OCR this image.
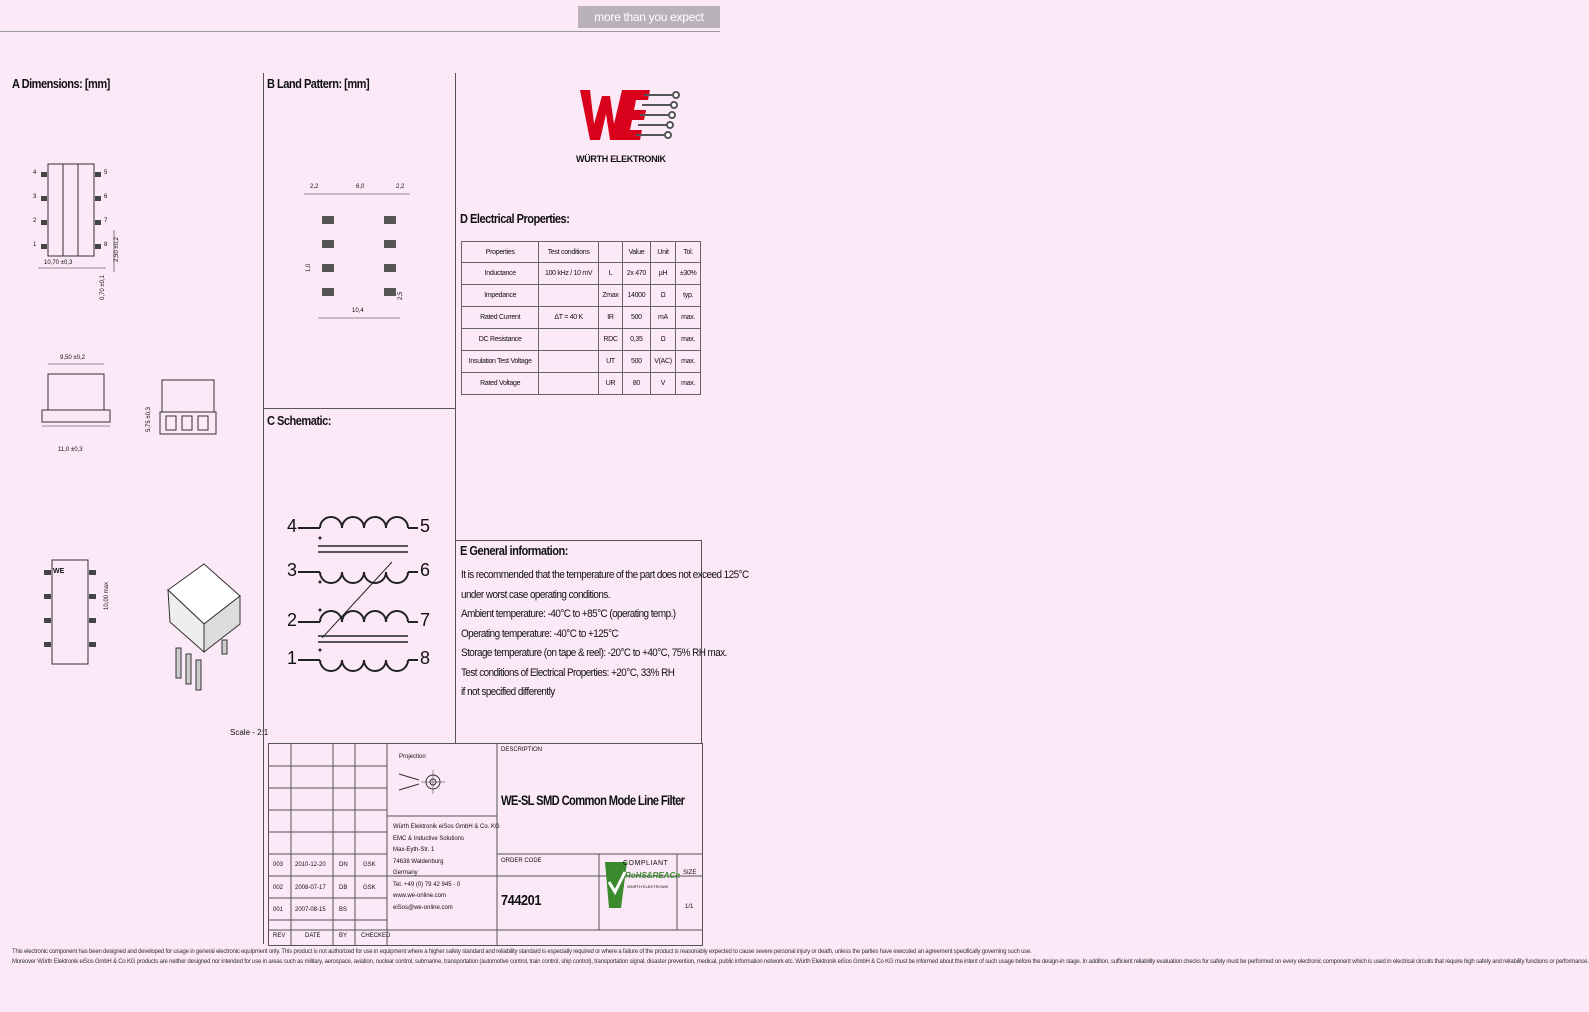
more than you expect
A Dimensions: [mm]	B Land Pattern: [mm]
C Schematic:
D Electrical Properties:
E General information:
WÜRTH ELEKTRONIK
4
3
2
1
5
6
7
8
10,70 ±0,3
0,70 ±0,1
2,50 ±0,2
9,50 ±0,2
11,0 ±0,3
5,75 ±0,3
WE
10,00 max
Scale - 2:1
2,2	6,0	2,2
1,0
2,5
10,4
4
3
2
1
5
6
7
8
Properties	Test conditions		Value	Unit	Tol.
Inductance	100 kHz / 10 mV	L	2x 470	µH	±30%
Impedance		Zmax	14000	Ω	typ.
Rated Current	ΔT = 40 K	IR	500	mA	max.
DC Resistance		RDC	0,35	Ω	max.
Insulation Test Voltage		UT	500	V(AC)	max.
Rated Voltage		UR	80	V	max.
It is recommended that the temperature of the part does not exceed 125°C
under worst case operating conditions.
Ambient temperature: -40°C to +85°C (operating temp.)
Operating temperature: -40°C to +125°C
Storage temperature (on tape & reel): -20°C to +40°C, 75% RH max.
Test conditions of Electrical Properties: +20°C, 33% RH
if not specified differently
REV	DATE	BY CHECKED
003 2010-12-20 DN	GSK
002 2008-07-17 DB	GSK
001 2007-08-15 BS
Projection
Würth Elektronik eiSos GmbH & Co. KG
EMC & Inductive Solutions
Max-Eyth-Str. 1
74638 Waldenburg
Germany
Tel. +49 (0) 79 42 945 - 0
www.we-online.com
eiSos@we-online.com
DESCRIPTION
WE-SL SMD Common Mode Line Filter
ORDER CODE
744201
COMPLIANT
RoHS&REACh
WÜRTH ELEKTRONIK
SIZE
1/1
This electronic component has been designed and developed for usage in general electronic equipment only. This product is not authorized for use in equipment where a higher safety standard and reliability standard is especially required or where a failure of the product is reasonably expected to cause severe personal injury or death, unless the parties have executed an agreement specifically governing such use.
Moreover Würth Elektronik eiSos GmbH & Co KG products are neither designed nor intended for use in areas such as military, aerospace, aviation, nuclear control, submarine, transportation (automotive control, train control, ship control), transportation signal, disaster prevention, medical, public information network etc. Würth Elektronik eiSos GmbH & Co KG must be informed about the intent of such usage before the design-in stage. In addition, sufficient reliability evaluation checks for safety must be performed on every electronic component which is used in electrical circuits that require high safety and reliability functions or performance.
